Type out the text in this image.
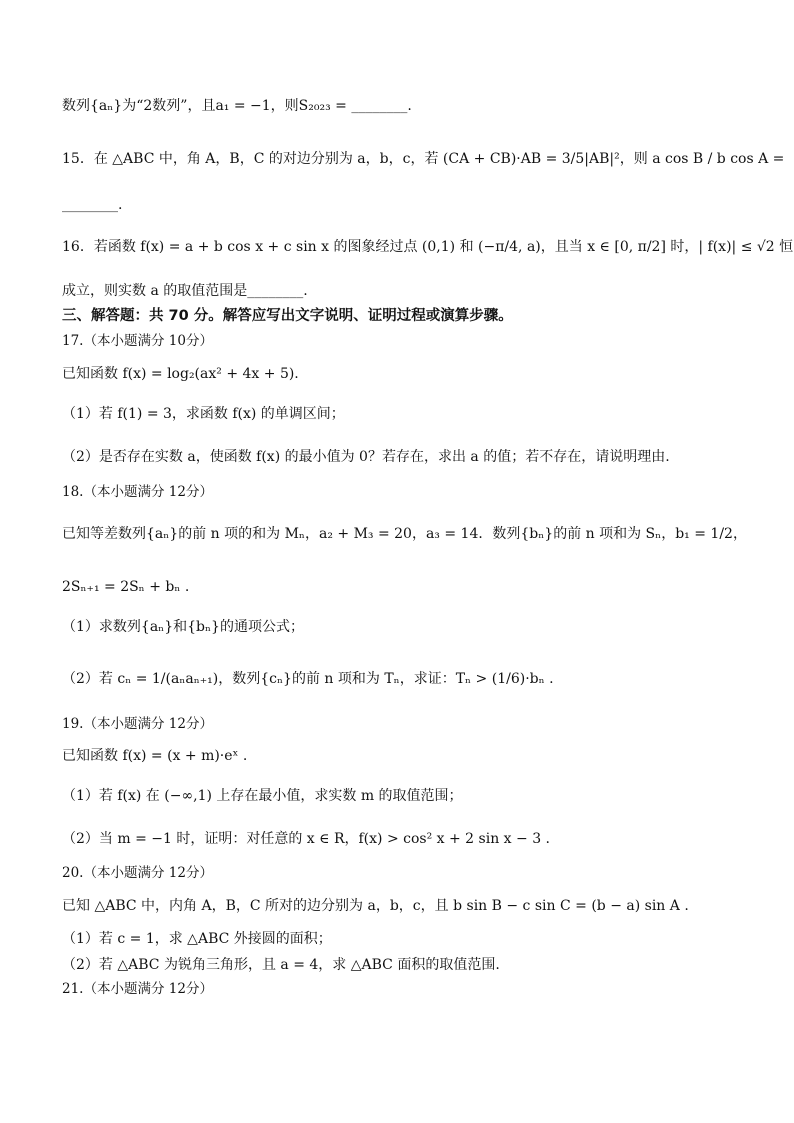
数列{aₙ}为“2数列”，且a₁ = −1，则S₂₀₂₃ = ________.
15．在 △ABC 中，角 A，B，C 的对边分别为 a，b，c，若 (CA + CB)·AB = 3/5|AB|²，则 a cos B / b cos A =
________.
16．若函数 f(x) = a + b cos x + c sin x 的图象经过点 (0,1) 和 (−π/4, a)，且当 x ∈ [0, π/2] 时，| f(x)| ≤ √2 恒
成立，则实数 a 的取值范围是________.
三、解答题：共 70 分。解答应写出文字说明、证明过程或演算步骤。
17.（本小题满分 10分）
已知函数 f(x) = log₂(ax² + 4x + 5).
（1）若 f(1) = 3，求函数 f(x) 的单调区间；
（2）是否存在实数 a，使函数 f(x) 的最小值为 0？若存在，求出 a 的值；若不存在，请说明理由.
18.（本小题满分 12分）
已知等差数列{aₙ}的前 n 项的和为 Mₙ，a₂ + M₃ = 20，a₃ = 14．数列{bₙ}的前 n 项和为 Sₙ，b₁ = 1/2，
2Sₙ₊₁ = 2Sₙ + bₙ .
（1）求数列{aₙ}和{bₙ}的通项公式；
（2）若 cₙ = 1/(aₙaₙ₊₁)，数列{cₙ}的前 n 项和为 Tₙ，求证：Tₙ > (1/6)·bₙ .
19.（本小题满分 12分）
已知函数 f(x) = (x + m)·eˣ .
（1）若 f(x) 在 (−∞,1) 上存在最小值，求实数 m 的取值范围；
（2）当 m = −1 时，证明：对任意的 x ∈ R，f(x) > cos² x + 2 sin x − 3 .
20.（本小题满分 12分）
已知 △ABC 中，内角 A，B，C 所对的边分别为 a，b，c，且 b sin B − c sin C = (b − a) sin A .
（1）若 c = 1，求 △ABC 外接圆的面积；
（2）若 △ABC 为锐角三角形，且 a = 4，求 △ABC 面积的取值范围.
21.（本小题满分 12分）
